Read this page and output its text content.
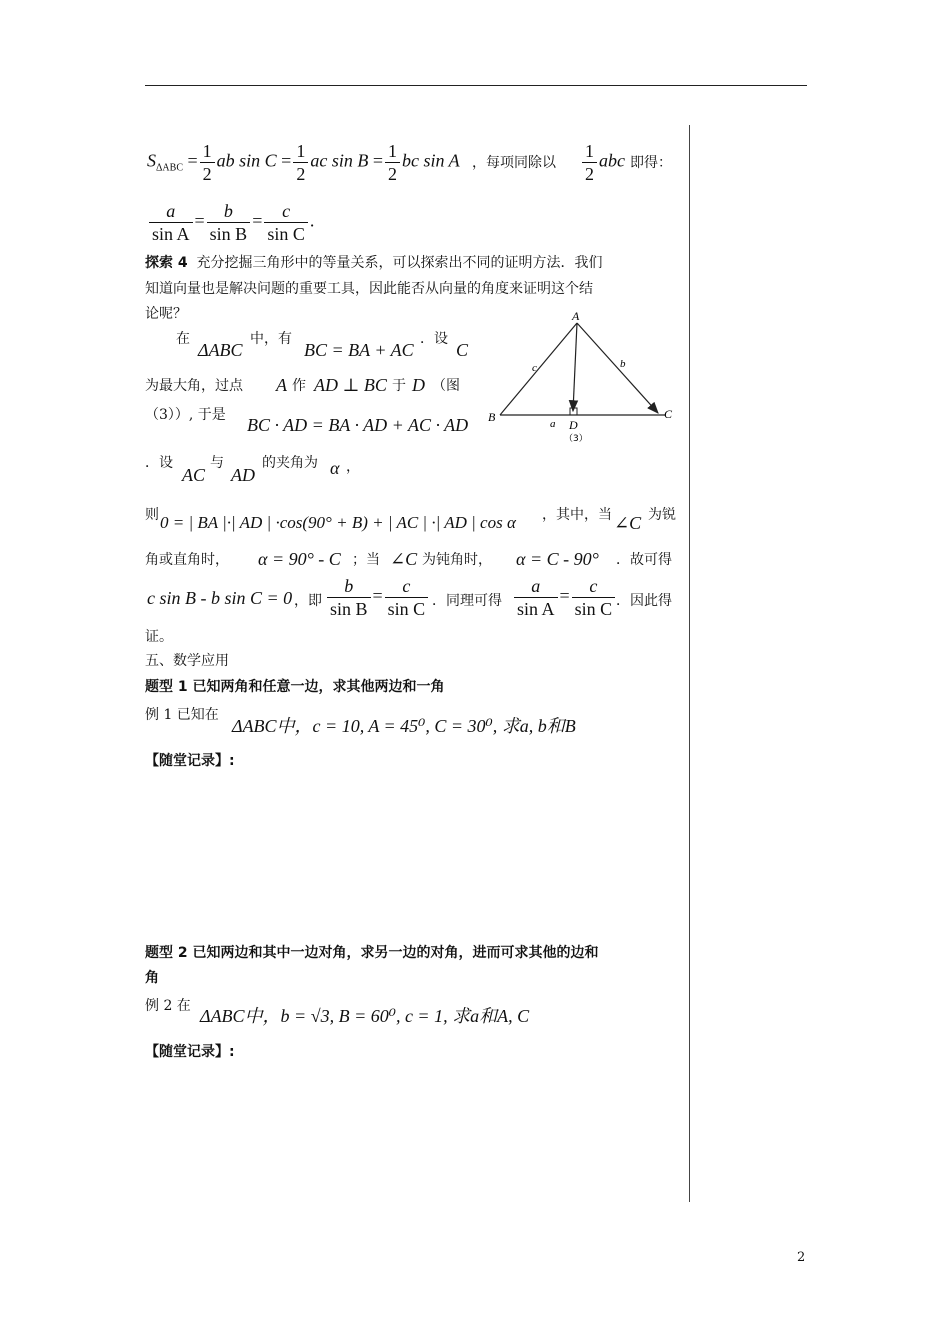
$S_{\Delta ABC} = \frac{1}{2}$ ab $\sin C = \frac{1}{2}$ ac $\sin B = \frac{1}{2}$ bc sin A ，每项同除以 $\frac{1}{2}$ abc 即得：
$\frac{a}{\text{sin A}} = \frac{b}{\text{sin B}} = \frac{c}{\text{sin C}}$ .
探索 4 充分挖掘三角形中的等量关系，可以探索出不同的证明方法．我们
知道向量也是解决问题的重要工具，因此能否从向量的角度来证明这个结
论呢？
在
ΔABC
中，有
BC = BA + AC
．设
C
为最大角，过点 A 作 AD ⊥ BC 于 D （图
（3））, 于是 BC · AD = BA · AD + AC · AD
．设
AC
与
AD
的夹角为 α ，
A
B	C
D
a
b
c
（3）
则 0 = | BA |·| AD | ·cos(90° + B) + | AC | ·| AD | cos α ，其中，当 ∠C 为锐
角或直角时， α = 90° - C ；当 ∠C 为钝角时， α = C - 90° ．故可得
c sin B - b sin C = 0 ，即 $\frac{b}{\text{sin B}} = \frac{c}{\text{sin C}}$ ．同理可得 $\frac{a}{\text{sin A}} = \frac{c}{\text{sin C}}$ ．因此得
证。
五、数学应用
题型 1 已知两角和任意一边，求其他两边和一角
例 1 已知在
ΔABC中，c = 10, A = 45⁰, C = 30⁰, 求a, b和B
【随堂记录】:
题型 2 已知两边和其中一边对角，求另一边的对角，进而可求其他的边和
角
例 2 在 ΔABC中，b = √3, B = 60⁰, c = 1, 求a和A, C
【随堂记录】:
2
